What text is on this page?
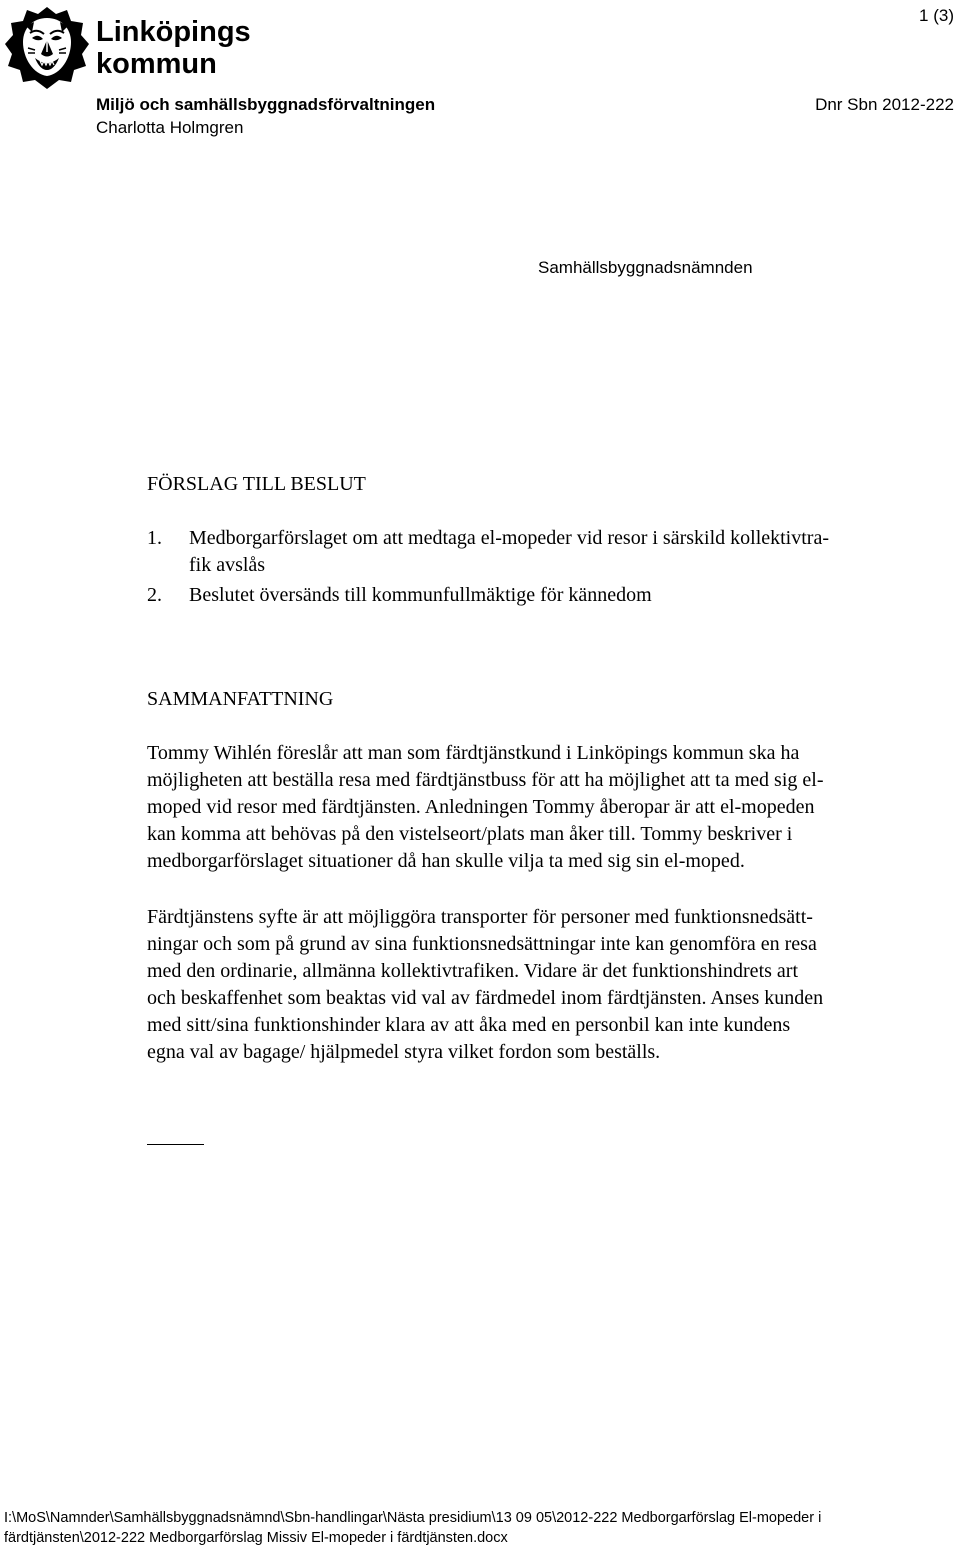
Linköpings
kommun
1 (3)
Miljö och samhällsbyggnadsförvaltningen	Dnr Sbn 2012-222
Charlotta Holmgren
Samhällsbyggnadsnämnden
FÖRSLAG TILL BESLUT
1. Medborgarförslaget om att medtaga el-mopeder vid resor i särskild kollektivtra-
fik avslås
2. Beslutet översänds till kommunfullmäktige för kännedom
SAMMANFATTNING
Tommy Wihlén föreslår att man som färdtjänstkund i Linköpings kommun ska ha
möjligheten att beställa resa med färdtjänstbuss för att ha möjlighet att ta med sig el-
moped vid resor med färdtjänsten. Anledningen Tommy åberopar är att el-mopeden
kan komma att behövas på den vistelseort/plats man åker till. Tommy beskriver i
medborgarförslaget situationer då han skulle vilja ta med sig sin el-moped.
Färdtjänstens syfte är att möjliggöra transporter för personer med funktionsnedsätt-
ningar och som på grund av sina funktionsnedsättningar inte kan genomföra en resa
med den ordinarie, allmänna kollektivtrafiken. Vidare är det funktionshindrets art
och beskaffenhet som beaktas vid val av färdmedel inom färdtjänsten. Anses kunden
med sitt/sina funktionshinder klara av att åka med en personbil kan inte kundens
egna val av bagage/ hjälpmedel styra vilket fordon som beställs.
I:\MoS\Namnder\Samhällsbyggnadsnämnd\Sbn-handlingar\Nästa presidium\13 09 05\2012-222 Medborgarförslag El-mopeder i
färdtjänsten\2012-222 Medborgarförslag Missiv El-mopeder i färdtjänsten.docx
